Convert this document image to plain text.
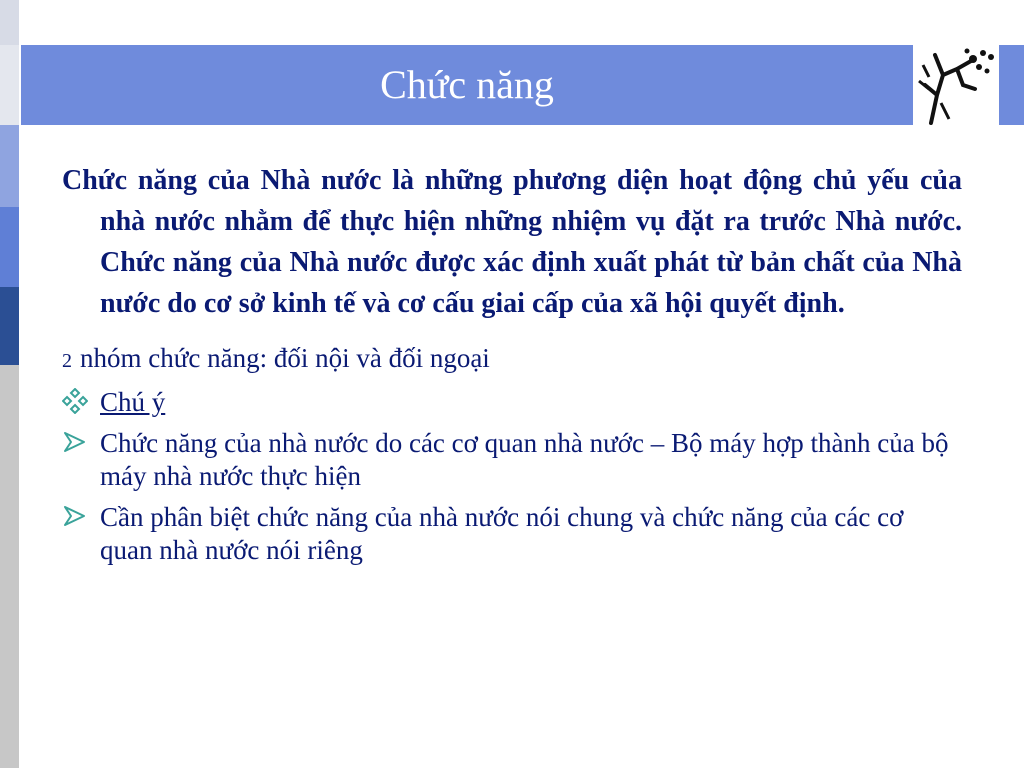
Chức năng

Chức năng của Nhà nước là những phương diện hoạt động chủ yếu của nhà nước nhằm để thực hiện những nhiệm vụ đặt ra trước Nhà nước. Chức năng của Nhà nước được xác định xuất phát từ bản chất của Nhà nước do cơ sở kinh tế và cơ cấu giai cấp của xã hội quyết định.

2 nhóm chức năng: đối nội và đối ngoại
Chú ý
Chức năng của nhà nước do các cơ quan nhà nước – Bộ máy hợp thành của bộ máy nhà nước thực hiện
Cần phân biệt chức năng của nhà nước nói chung và chức năng của các cơ quan nhà nước nói riêng
